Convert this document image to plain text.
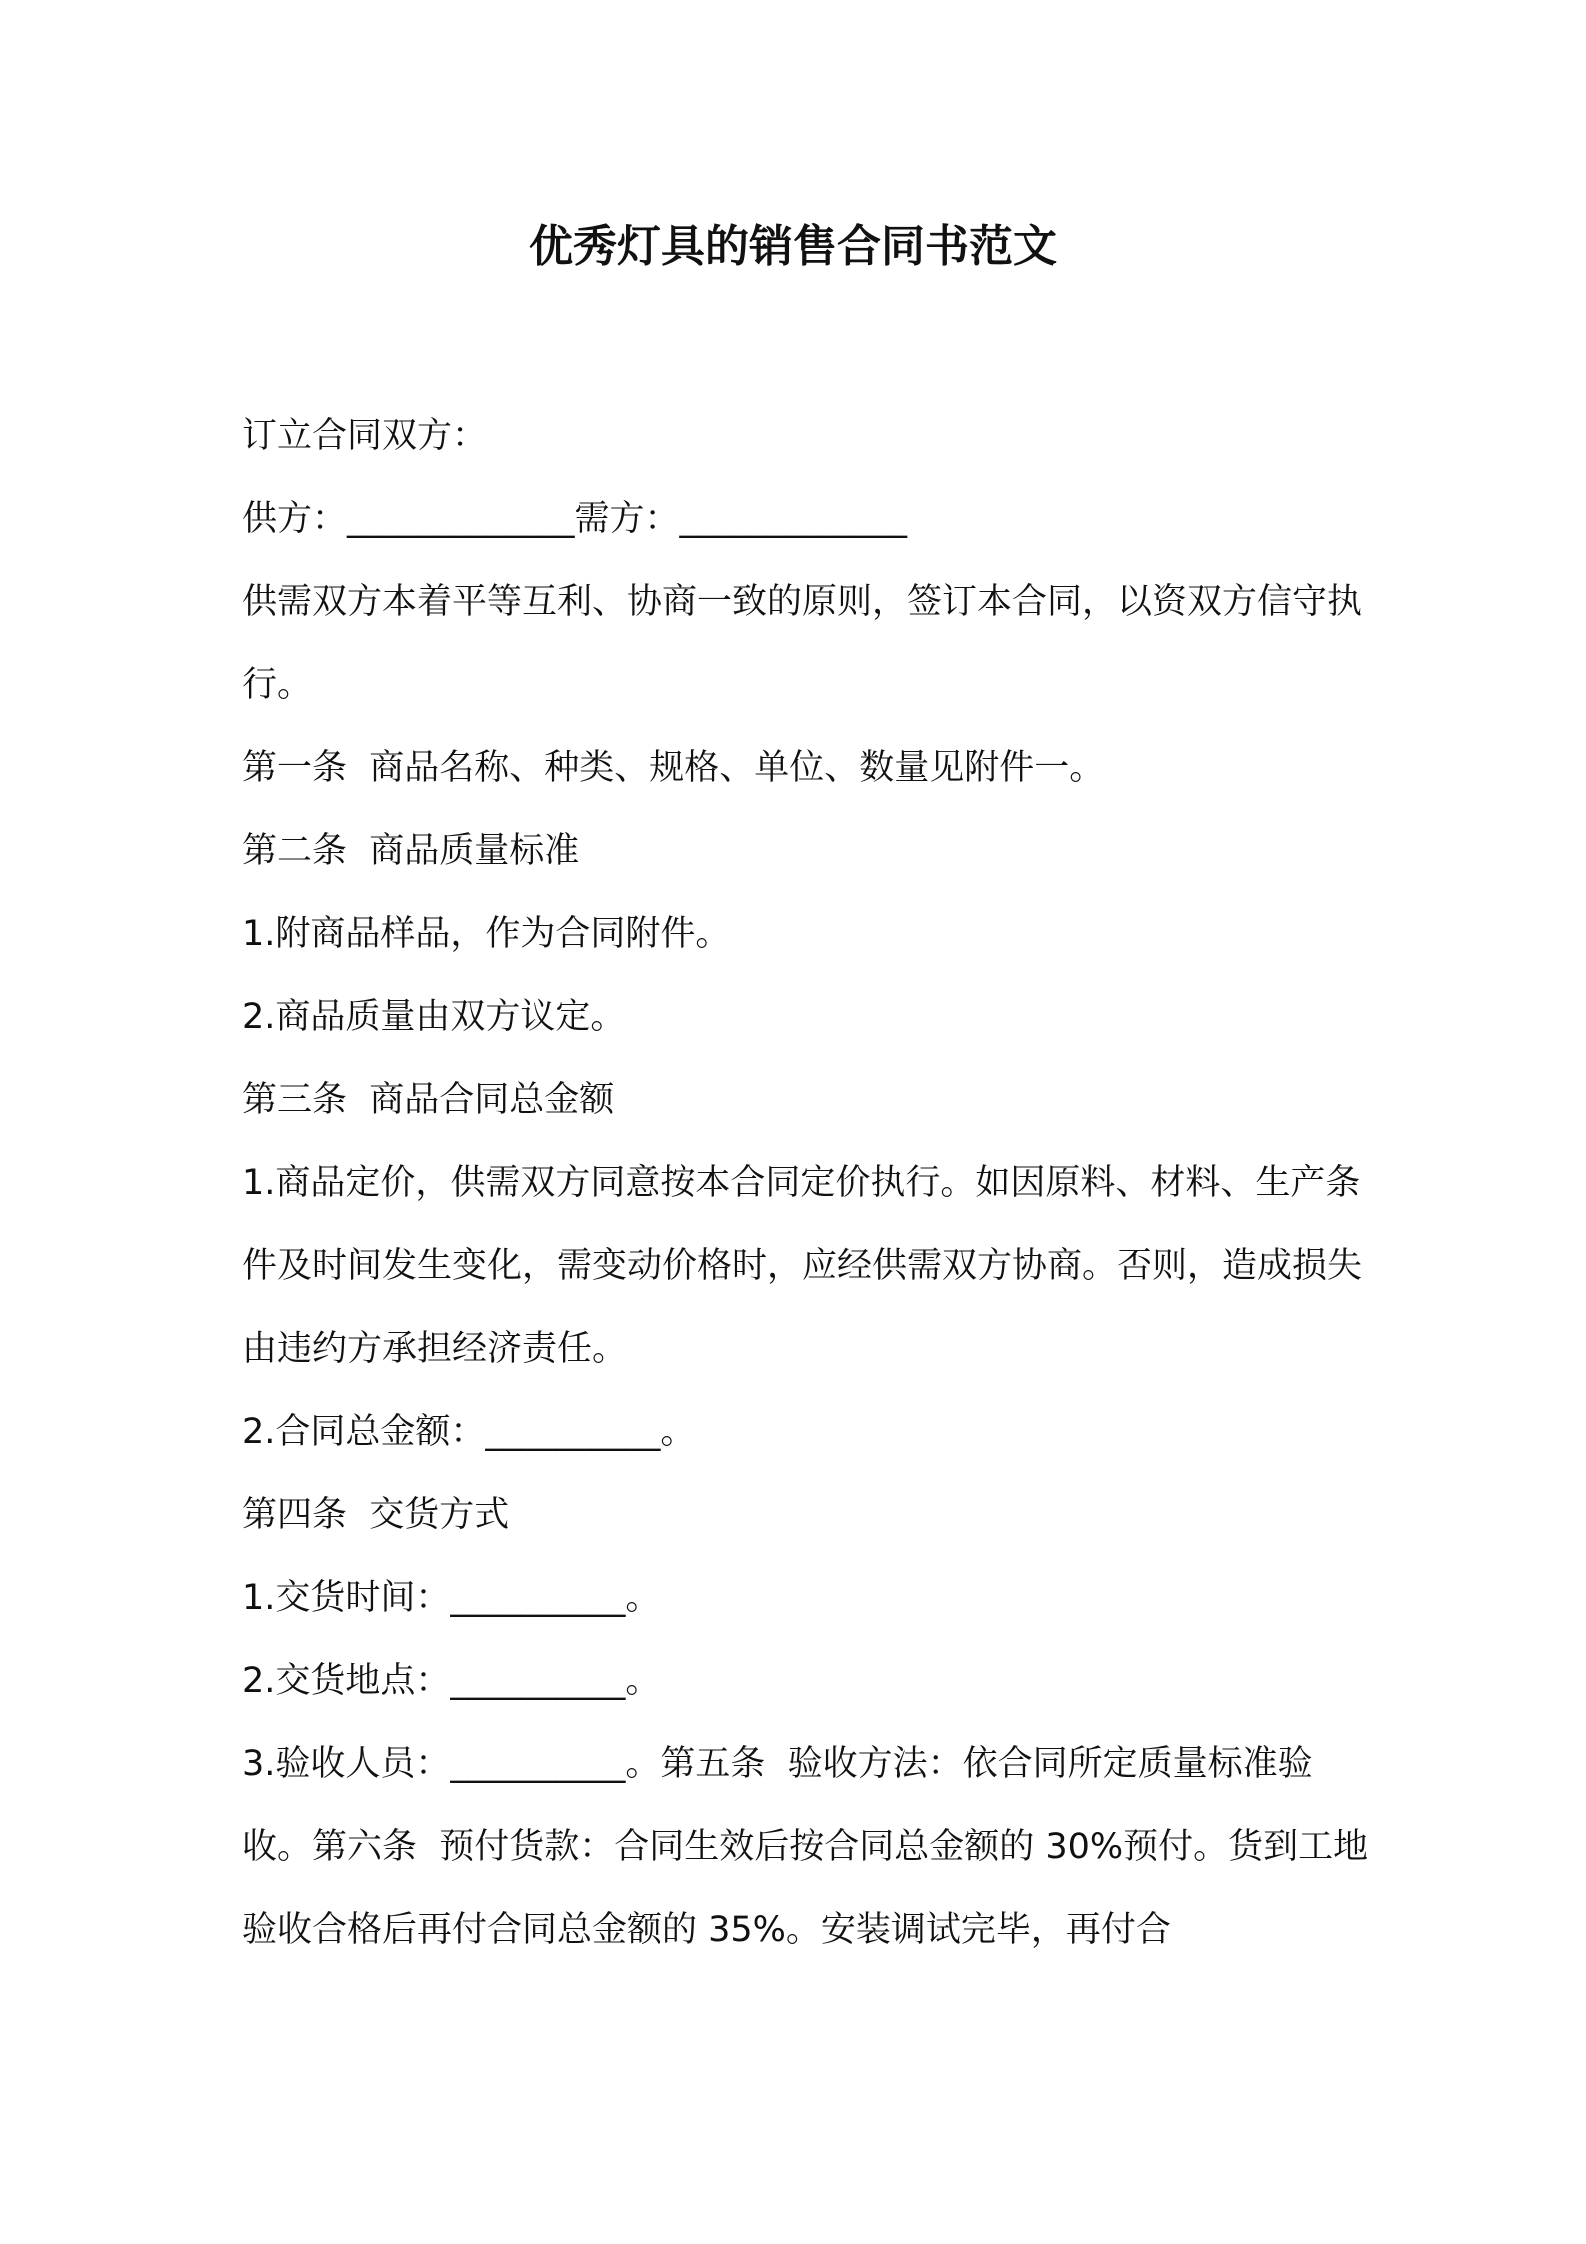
优秀灯具的销售合同书范文

订立合同双方：

供方：_____________需方：_____________

供需双方本着平等互利、协商一致的原则，签订本合同，以资双方信守执行。

第一条  商品名称、种类、规格、单位、数量见附件一。

第二条  商品质量标准

1.附商品样品，作为合同附件。

2.商品质量由双方议定。

第三条  商品合同总金额

1.商品定价，供需双方同意按本合同定价执行。如因原料、材料、生产条件及时间发生变化，需变动价格时，应经供需双方协商。否则，造成损失由违约方承担经济责任。

2.合同总金额：__________。

第四条  交货方式

1.交货时间：__________。

2.交货地点：__________。

3.验收人员：__________。第五条  验收方法：依合同所定质量标准验收。第六条  预付货款：合同生效后按合同总金额的 30%预付。货到工地验收合格后再付合同总金额的 35%。安装调试完毕，再付合
